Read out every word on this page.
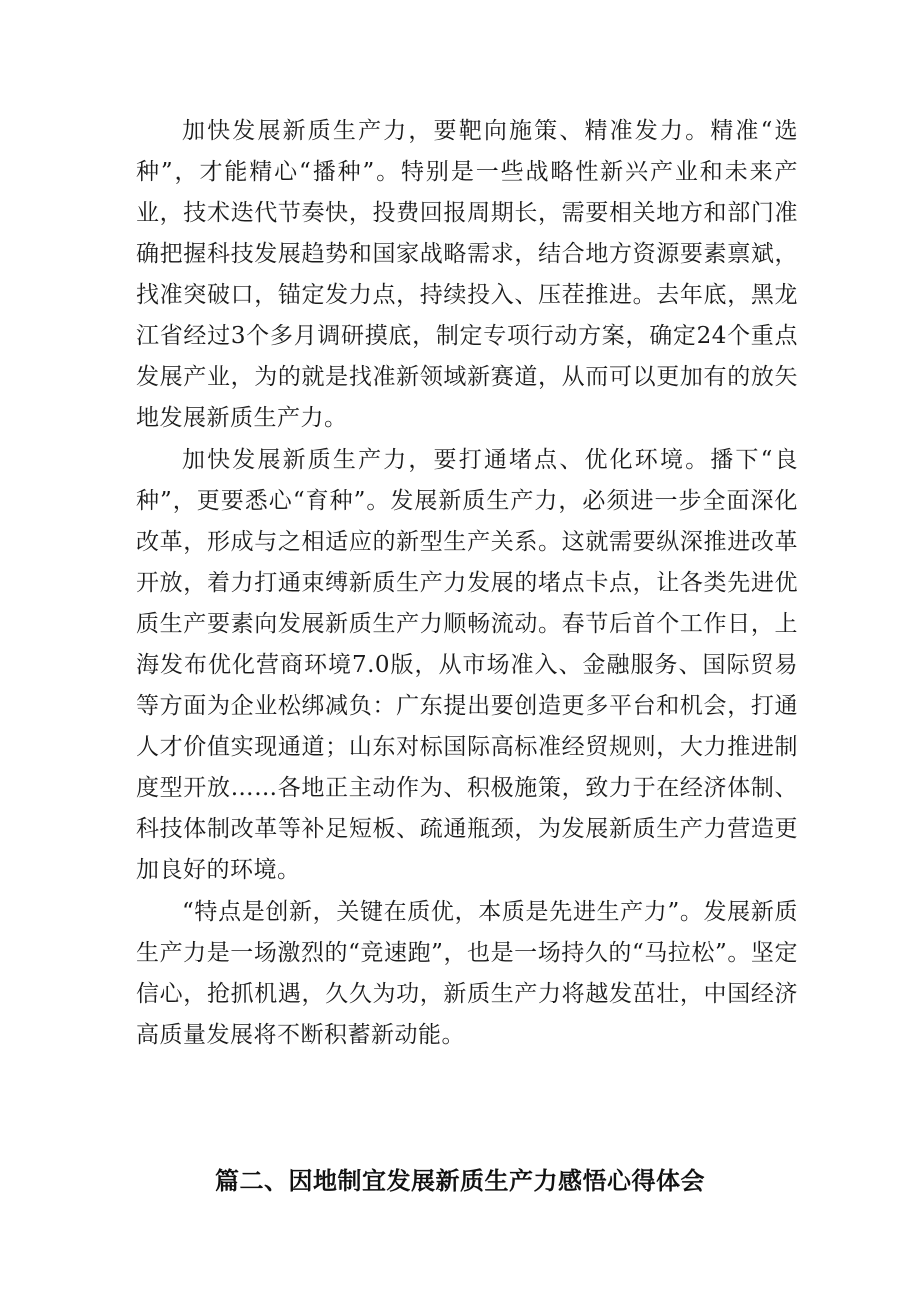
加快发展新质生产力，要靶向施策、精准发力。精准“选种”，才能精心“播种”。特别是一些战略性新兴产业和未来产业，技术迭代节奏快，投费回报周期长，需要相关地方和部门准确把握科技发展趋势和国家战略需求，结合地方资源要素禀斌，找准突破口，锚定发力点，持续投入、压茬推进。去年底，黑龙江省经过3个多月调研摸底，制定专项行动方案，确定24个重点发展产业，为的就是找准新领域新赛道，从而可以更加有的放矢地发展新质生产力。

加快发展新质生产力，要打通堵点、优化环境。播下“良种”，更要悉心“育种”。发展新质生产力，必须进一步全面深化改革，形成与之相适应的新型生产关系。这就需要纵深推进改革开放，着力打通束缚新质生产力发展的堵点卡点，让各类先进优质生产要素向发展新质生产力顺畅流动。春节后首个工作日，上海发布优化营商环境7.0版，从市场准入、金融服务、国际贸易等方面为企业松绑减负：广东提出要创造更多平台和机会，打通人才价值实现通道；山东对标国际高标准经贸规则，大力推进制度型开放……各地正主动作为、积极施策，致力于在经济体制、科技体制改革等补足短板、疏通瓶颈，为发展新质生产力营造更加良好的环境。

“特点是创新，关键在质优，本质是先进生产力”。发展新质生产力是一场激烈的“竞速跑”，也是一场持久的“马拉松”。坚定信心，抢抓机遇，久久为功，新质生产力将越发茁壮，中国经济高质量发展将不断积蓄新动能。

篇二、因地制宜发展新质生产力感悟心得体会
